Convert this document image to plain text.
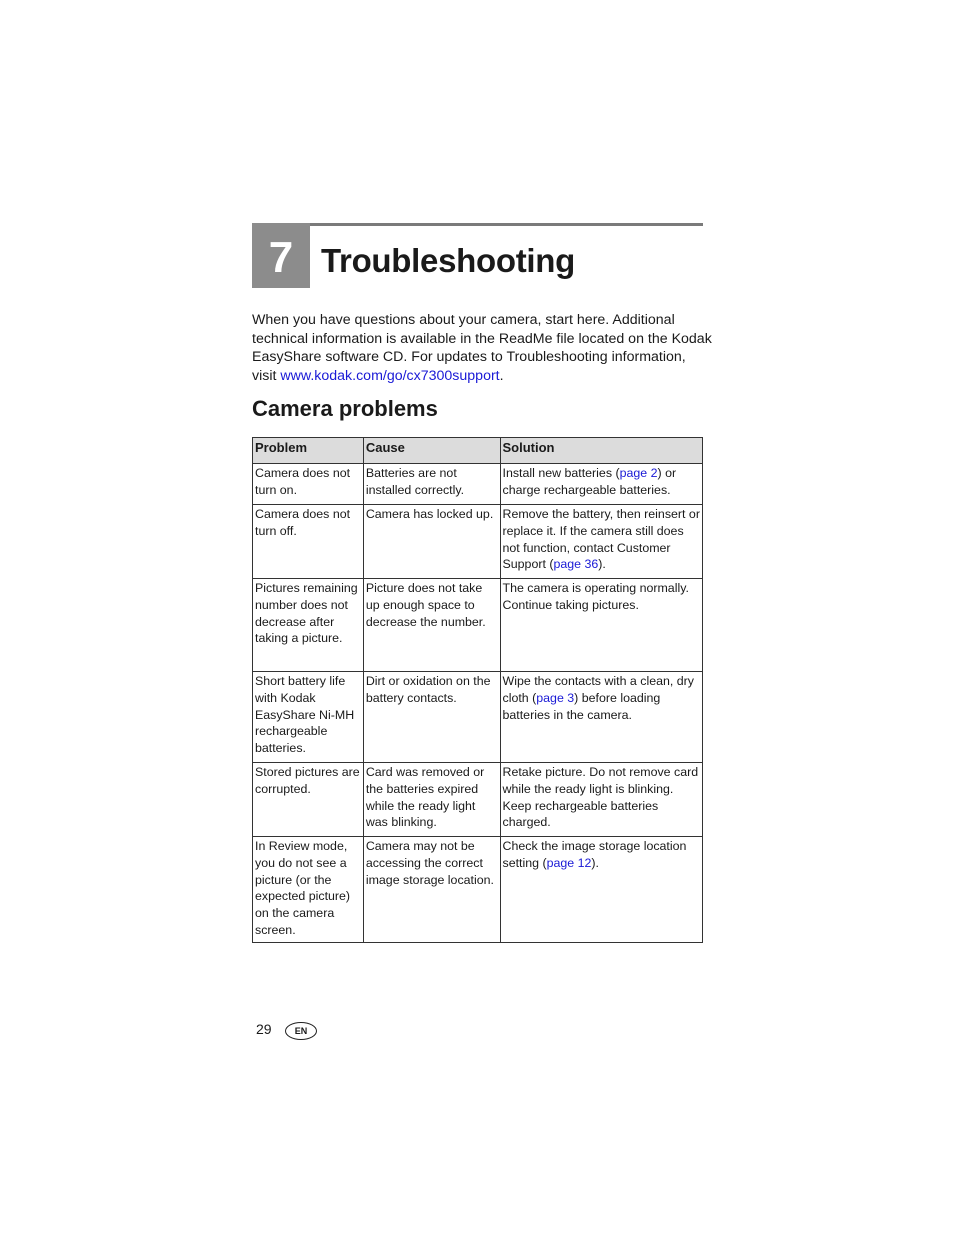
7 Troubleshooting
When you have questions about your camera, start here. Additional technical information is available in the ReadMe file located on the Kodak EasyShare software CD. For updates to Troubleshooting information, visit www.kodak.com/go/cx7300support.
Camera problems
Problem	Cause	Solution
Camera does not turn on.	Batteries are not installed correctly.	Install new batteries (page 2) or charge rechargeable batteries.
Camera does not turn off.	Camera has locked up.	Remove the battery, then reinsert or replace it. If the camera still does not function, contact Customer Support (page 36).
Pictures remaining number does not decrease after taking a picture.	Picture does not take up enough space to decrease the number.	The camera is operating normally. Continue taking pictures.
Short battery life with Kodak EasyShare Ni-MH rechargeable batteries.	Dirt or oxidation on the battery contacts.	Wipe the contacts with a clean, dry cloth (page 3) before loading batteries in the camera.
Stored pictures are corrupted.	Card was removed or the batteries expired while the ready light was blinking.	Retake picture. Do not remove card while the ready light is blinking. Keep rechargeable batteries charged.
In Review mode, you do not see a picture (or the expected picture) on the camera screen.	Camera may not be accessing the correct image storage location.	Check the image storage location setting (page 12).
29	EN
